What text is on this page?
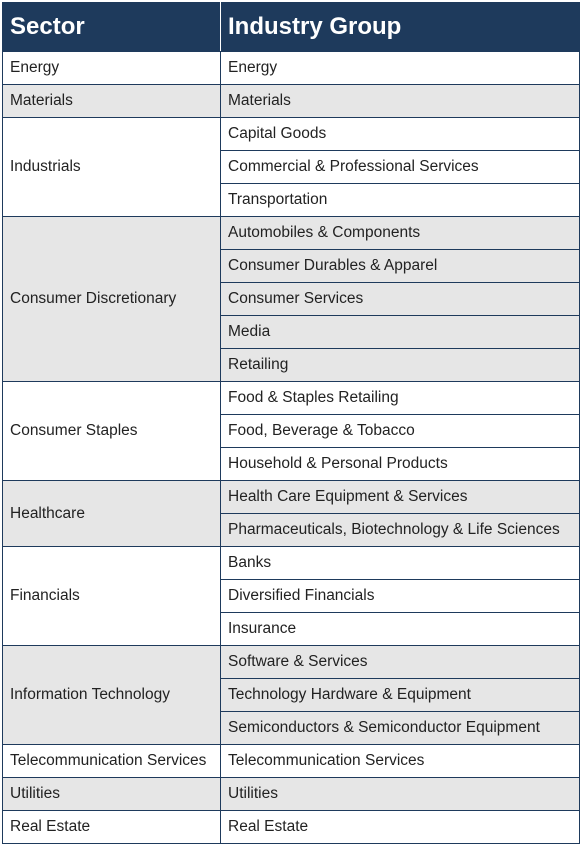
Sector	Industry Group
Energy	Energy
Materials	Materials
Industrials	Capital Goods
	Commercial & Professional Services
	Transportation
Consumer Discretionary	Automobiles & Components
	Consumer Durables & Apparel
	Consumer Services
	Media
	Retailing
Consumer Staples	Food & Staples Retailing
	Food, Beverage & Tobacco
	Household & Personal Products
Healthcare	Health Care Equipment & Services
	Pharmaceuticals, Biotechnology & Life Sciences
Financials	Banks
	Diversified Financials
	Insurance
Information Technology	Software & Services
	Technology Hardware & Equipment
	Semiconductors & Semiconductor Equipment
Telecommunication Services	Telecommunication Services
Utilities	Utilities
Real Estate	Real Estate
